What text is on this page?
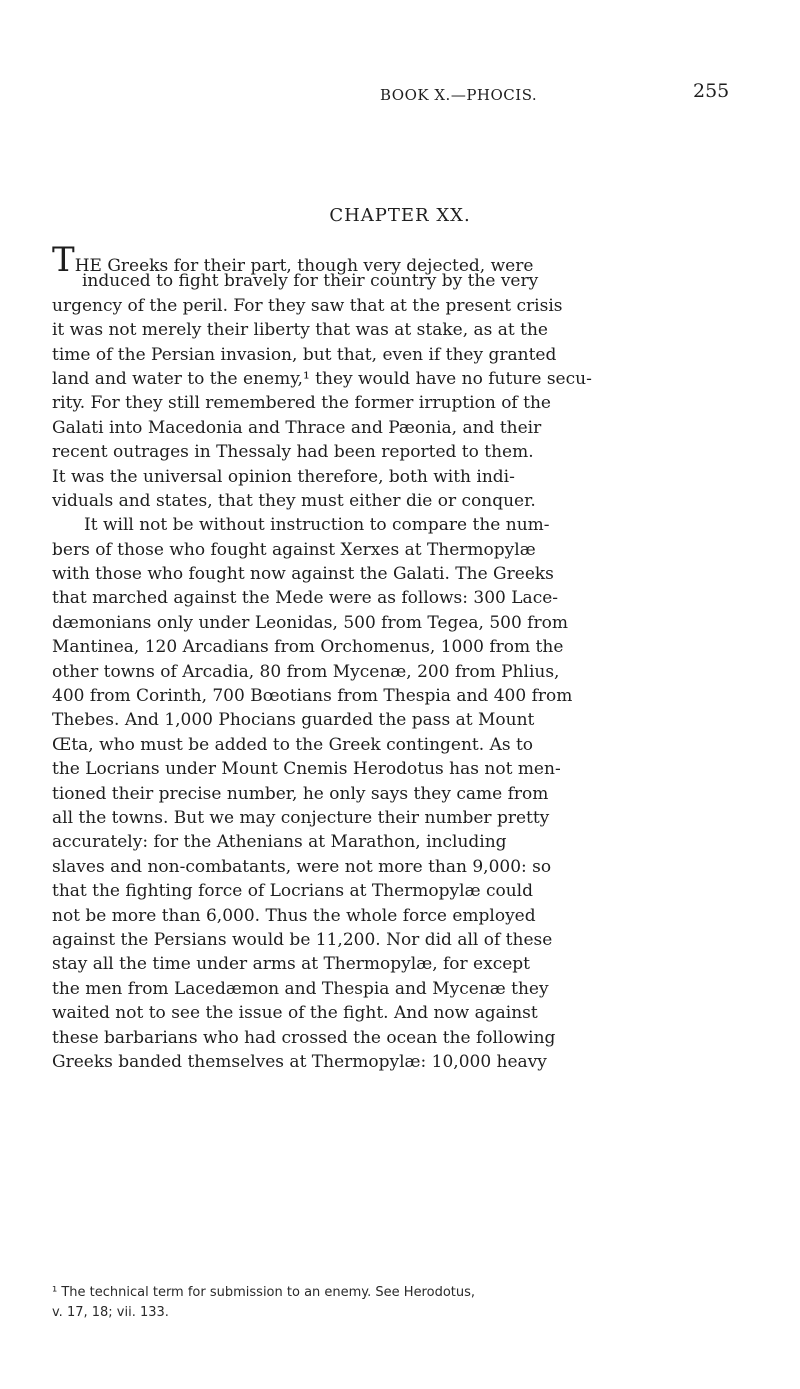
BOOK X.—PHOCIS.	255
CHAPTER XX.
THE Greeks for their part, though very dejected, were
induced to fight bravely for their country by the very
urgency of the peril. For they saw that at the present crisis
it was not merely their liberty that was at stake, as at the
time of the Persian invasion, but that, even if they granted
land and water to the enemy,¹ they would have no future secu-
rity. For they still remembered the former irruption of the
Galati into Macedonia and Thrace and Pæonia, and their
recent outrages in Thessaly had been reported to them.
It was the universal opinion therefore, both with indi-
viduals and states, that they must either die or conquer.
It will not be without instruction to compare the num-
bers of those who fought against Xerxes at Thermopylæ
with those who fought now against the Galati. The Greeks
that marched against the Mede were as follows: 300 Lace-
dæmonians only under Leonidas, 500 from Tegea, 500 from
Mantinea, 120 Arcadians from Orchomenus, 1000 from the
other towns of Arcadia, 80 from Mycenæ, 200 from Phlius,
400 from Corinth, 700 Bœotians from Thespia and 400 from
Thebes. And 1,000 Phocians guarded the pass at Mount
Œta, who must be added to the Greek contingent. As to
the Locrians under Mount Cnemis Herodotus has not men-
tioned their precise number, he only says they came from
all the towns. But we may conjecture their number pretty
accurately: for the Athenians at Marathon, including
slaves and non-combatants, were not more than 9,000: so
that the fighting force of Locrians at Thermopylæ could
not be more than 6,000. Thus the whole force employed
against the Persians would be 11,200. Nor did all of these
stay all the time under arms at Thermopylæ, for except
the men from Lacedæmon and Thespia and Mycenæ they
waited not to see the issue of the fight. And now against
these barbarians who had crossed the ocean the following
Greeks banded themselves at Thermopylæ: 10,000 heavy
¹ The technical term for submission to an enemy. See Herodotus,
v. 17, 18; vii. 133.
